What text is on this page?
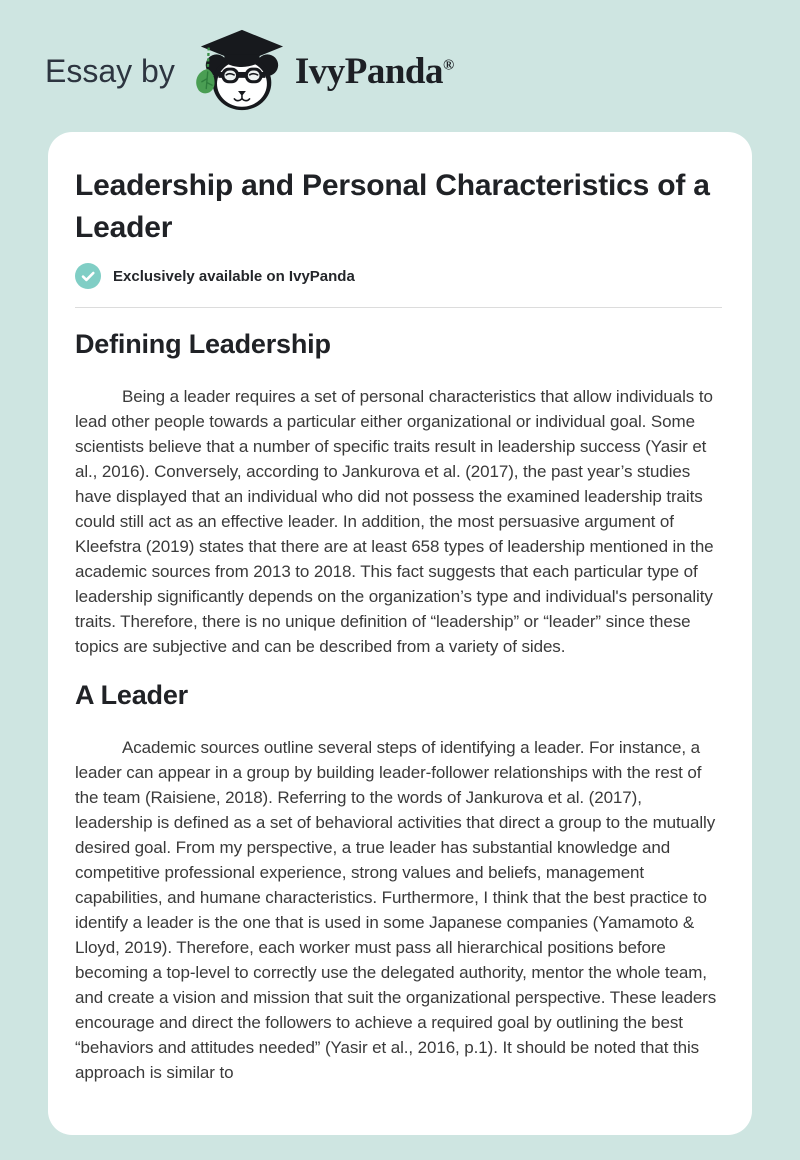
Essay by	IvyPanda®
Leadership and Personal Characteristics of a Leader
Exclusively available on IvyPanda
Defining Leadership

Being a leader requires a set of personal characteristics that allow individuals to lead other people towards a particular either organizational or individual goal. Some scientists believe that a number of specific traits result in leadership success (Yasir et al., 2016). Conversely, according to Jankurova et al. (2017), the past year’s studies have displayed that an individual who did not possess the examined leadership traits could still act as an effective leader. In addition, the most persuasive argument of Kleefstra (2019) states that there are at least 658 types of leadership mentioned in the academic sources from 2013 to 2018. This fact suggests that each particular type of leadership significantly depends on the organization’s type and individual's personality traits. Therefore, there is no unique definition of “leadership” or “leader” since these topics are subjective and can be described from a variety of sides.

A Leader

Academic sources outline several steps of identifying a leader. For instance, a leader can appear in a group by building leader-follower relationships with the rest of the team (Raisiene, 2018). Referring to the words of Jankurova et al. (2017), leadership is defined as a set of behavioral activities that direct a group to the mutually desired goal. From my perspective, a true leader has substantial knowledge and competitive professional experience, strong values and beliefs, management capabilities, and humane characteristics. Furthermore, I think that the best practice to identify a leader is the one that is used in some Japanese companies (Yamamoto & Lloyd, 2019). Therefore, each worker must pass all hierarchical positions before becoming a top-level to correctly use the delegated authority, mentor the whole team, and create a vision and mission that suit the organizational perspective. These leaders encourage and direct the followers to achieve a required goal by outlining the best “behaviors and attitudes needed” (Yasir et al., 2016, p.1). It should be noted that this approach is similar to
